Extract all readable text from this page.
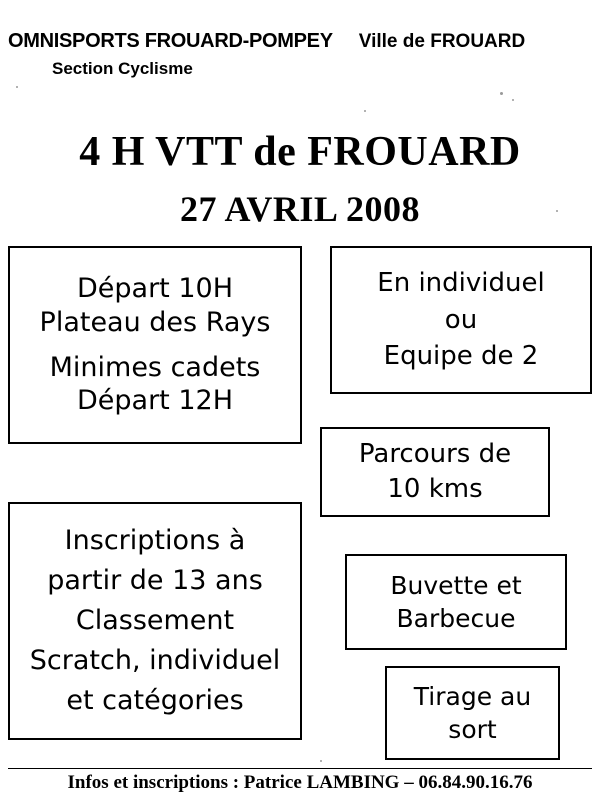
OMNISPORTS FROUARD-POMPEY Ville de FROUARD
Section Cyclisme
4 H VTT de FROUARD
27 AVRIL 2008
Départ 10H
Plateau des Rays
Minimes cadets
Départ 12H
En individuel
ou
Equipe de 2
Parcours de
10 kms
Inscriptions à
partir de 13 ans
Classement
Scratch, individuel
et catégories
Buvette et
Barbecue
Tirage au
sort
Infos et inscriptions : Patrice LAMBING – 06.84.90.16.76
